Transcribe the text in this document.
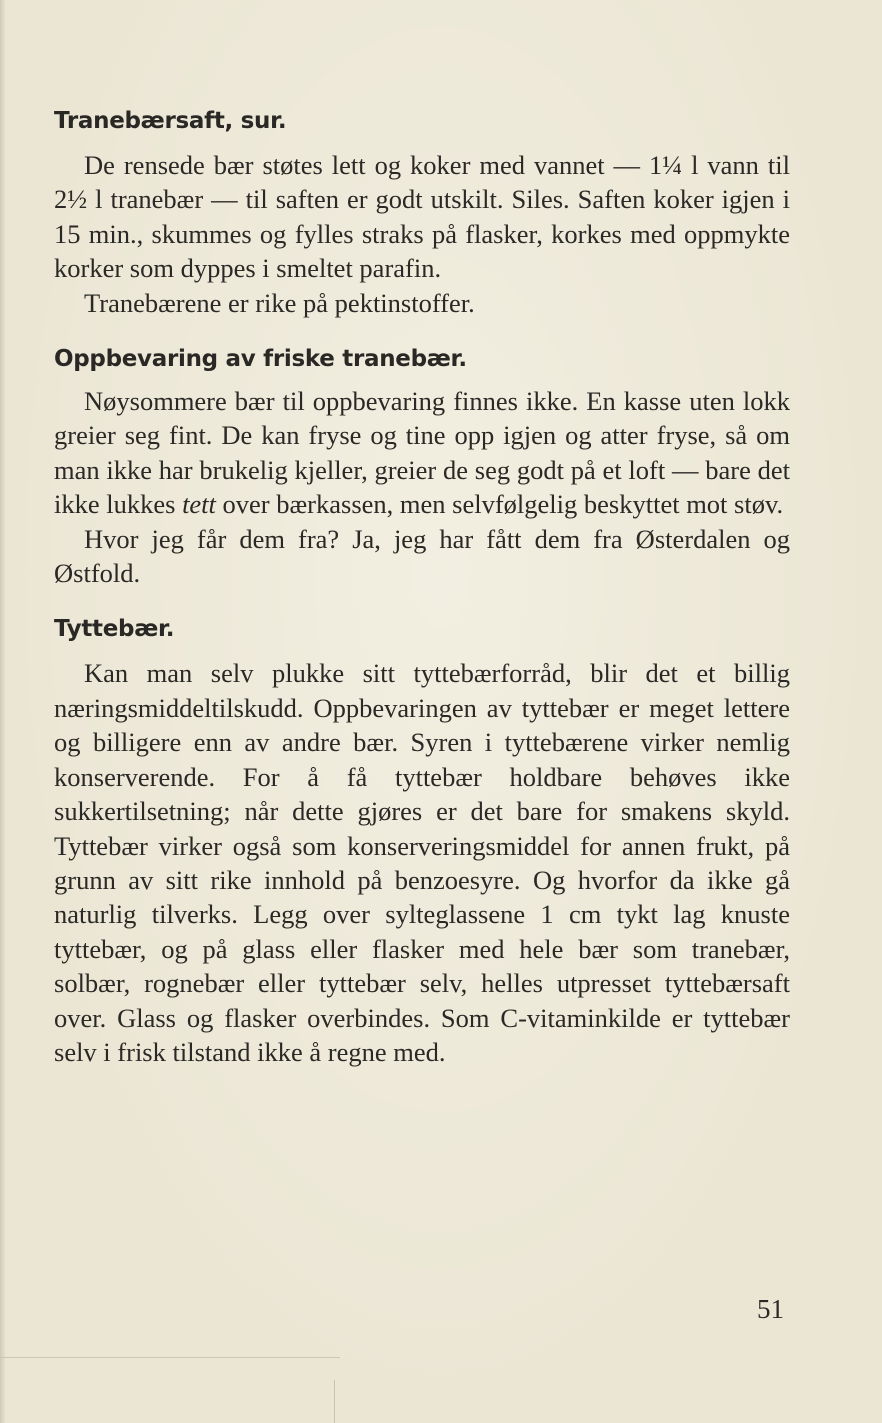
Tranebærsaft, sur.

De rensede bær støtes lett og koker med vannet — 1¼ l vann til 2½ l tranebær — til saften er godt utskilt. Siles. Saften koker igjen i 15 min., skummes og fylles straks på flasker, korkes med oppmykte korker som dyppes i smeltet parafin.

Tranebærene er rike på pektinstoffer.

Oppbevaring av friske tranebær.

Nøysommere bær til oppbevaring finnes ikke. En kasse uten lokk greier seg fint. De kan fryse og tine opp igjen og atter fryse, så om man ikke har brukelig kjeller, greier de seg godt på et loft — bare det ikke lukkes tett over bærkassen, men selvfølgelig beskyttet mot støv.

Hvor jeg får dem fra? Ja, jeg har fått dem fra Østerdalen og Østfold.

Tyttebær.

Kan man selv plukke sitt tyttebærforråd, blir det et billig næringsmiddeltilskudd. Oppbevaringen av tyttebær er meget lettere og billigere enn av andre bær. Syren i tyttebærene virker nemlig konserverende. For å få tyttebær holdbare behøves ikke sukkertilsetning; når dette gjøres er det bare for smakens skyld. Tyttebær virker også som konserveringsmiddel for annen frukt, på grunn av sitt rike innhold på benzoesyre. Og hvorfor da ikke gå naturlig tilverks. Legg over sylteglassene 1 cm tykt lag knuste tyttebær, og på glass eller flasker med hele bær som tranebær, solbær, rognebær eller tyttebær selv, helles utpresset tyttebærsaft over. Glass og flasker overbindes. Som C-vitaminkilde er tyttebær selv i frisk tilstand ikke å regne med.

51
